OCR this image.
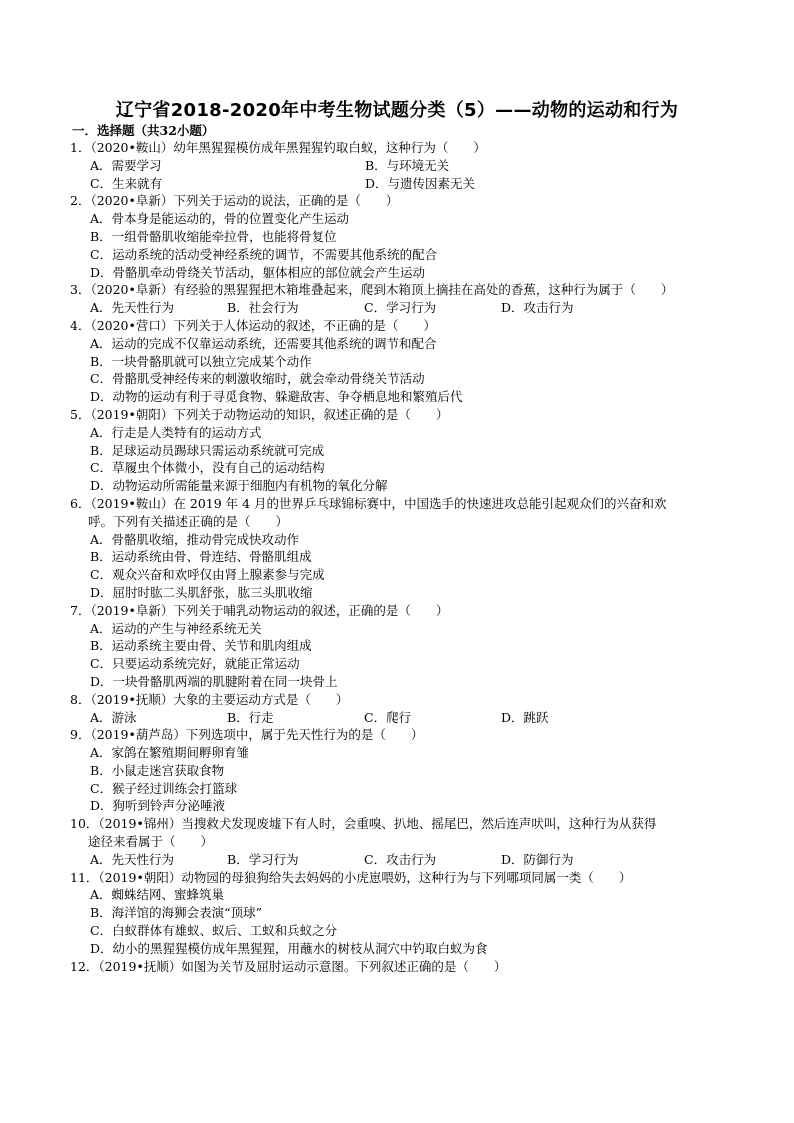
辽宁省2018-2020年中考生物试题分类（5）——动物的运动和行为
一．选择题（共32小题）
1．（2020•鞍山）幼年黑猩猩模仿成年黑猩猩钓取白蚁，这种行为（　　）
A．需要学习	B．与环境无关
C．生来就有	D．与遗传因素无关
2．（2020•阜新）下列关于运动的说法，正确的是（　　）
A．骨本身是能运动的，骨的位置变化产生运动
B．一组骨骼肌收缩能牵拉骨，也能将骨复位
C．运动系统的活动受神经系统的调节，不需要其他系统的配合
D．骨骼肌牵动骨绕关节活动，躯体相应的部位就会产生运动
3．（2020•阜新）有经验的黑猩猩把木箱堆叠起来，爬到木箱顶上摘挂在高处的香蕉，这种行为属于（　　）
A．先天性行为	B．社会行为	C．学习行为	D．攻击行为
4．（2020•营口）下列关于人体运动的叙述，不正确的是（　　）
A．运动的完成不仅靠运动系统，还需要其他系统的调节和配合
B．一块骨骼肌就可以独立完成某个动作
C．骨骼肌受神经传来的刺激收缩时，就会牵动骨绕关节活动
D．动物的运动有利于寻觅食物、躲避敌害、争夺栖息地和繁殖后代
5．（2019•朝阳）下列关于动物运动的知识，叙述正确的是（　　）
A．行走是人类特有的运动方式
B．足球运动员踢球只需运动系统就可完成
C．草履虫个体微小，没有自己的运动结构
D．动物运动所需能量来源于细胞内有机物的氧化分解
6．（2019•鞍山）在 2019 年 4 月的世界乒乓球锦标赛中，中国选手的快速进攻总能引起观众们的兴奋和欢
呼。下列有关描述正确的是（　　）
A．骨骼肌收缩，推动骨完成快攻动作
B．运动系统由骨、骨连结、骨骼肌组成
C．观众兴奋和欢呼仅由肾上腺素参与完成
D．屈肘时肱二头肌舒张，肱三头肌收缩
7．（2019•阜新）下列关于哺乳动物运动的叙述，正确的是（　　）
A．运动的产生与神经系统无关
B．运动系统主要由骨、关节和肌肉组成
C．只要运动系统完好，就能正常运动
D．一块骨骼肌两端的肌腱附着在同一块骨上
8．（2019•抚顺）大象的主要运动方式是（　　）
A．游泳	B．行走	C．爬行	D．跳跃
9．（2019•葫芦岛）下列选项中，属于先天性行为的是（　　）
A．家鸽在繁殖期间孵卵育雏
B．小鼠走迷宫获取食物
C．猴子经过训练会打篮球
D．狗听到铃声分泌唾液
10．（2019•锦州）当搜救犬发现废墟下有人时，会重嗅、扒地、摇尾巴，然后连声吠叫，这种行为从获得
途径来看属于（　　）
A．先天性行为	B．学习行为	C．攻击行为	D．防御行为
11．（2019•朝阳）动物园的母狼狗给失去妈妈的小虎崽喂奶，这种行为与下列哪项同属一类（　　）
A．蜘蛛结网、蜜蜂筑巢
B．海洋馆的海狮会表演“顶球”
C．白蚁群体有雄蚁、蚁后、工蚁和兵蚁之分
D．幼小的黑猩猩模仿成年黑猩猩，用蘸水的树枝从洞穴中钓取白蚁为食
12．（2019•抚顺）如图为关节及屈肘运动示意图。下列叙述正确的是（　　）
